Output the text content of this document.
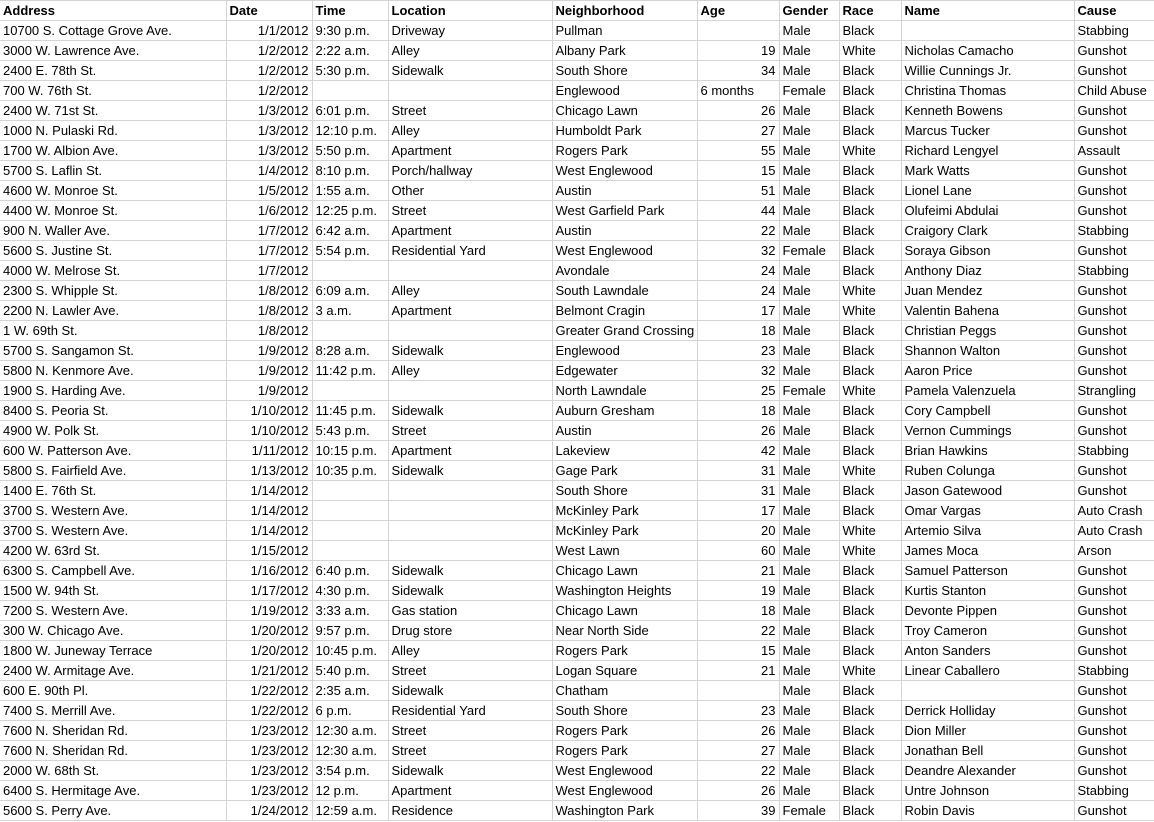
Address	Date	Time	Location	Neighborhood	Age	Gender	Race	Name	Cause
10700 S. Cottage Grove Ave.	1/1/2012	9:30 p.m.	Driveway	Pullman		Male	Black		Stabbing
3000 W. Lawrence Ave.	1/2/2012	2:22 a.m.	Alley	Albany Park	19	Male	White	Nicholas Camacho	Gunshot
2400 E. 78th St.	1/2/2012	5:30 p.m.	Sidewalk	South Shore	34	Male	Black	Willie Cunnings Jr.	Gunshot
700 W. 76th St.	1/2/2012			Englewood	6 months	Female	Black	Christina Thomas	Child Abuse
2400 W. 71st St.	1/3/2012	6:01 p.m.	Street	Chicago Lawn	26	Male	Black	Kenneth Bowens	Gunshot
1000 N. Pulaski Rd.	1/3/2012	12:10 p.m.	Alley	Humboldt Park	27	Male	Black	Marcus Tucker	Gunshot
1700 W. Albion Ave.	1/3/2012	5:50 p.m.	Apartment	Rogers Park	55	Male	White	Richard Lengyel	Assault
5700 S. Laflin St.	1/4/2012	8:10 p.m.	Porch/hallway	West Englewood	15	Male	Black	Mark Watts	Gunshot
4600 W. Monroe St.	1/5/2012	1:55 a.m.	Other	Austin	51	Male	Black	Lionel Lane	Gunshot
4400 W. Monroe St.	1/6/2012	12:25 p.m.	Street	West Garfield Park	44	Male	Black	Olufeimi Abdulai	Gunshot
900 N. Waller Ave.	1/7/2012	6:42 a.m.	Apartment	Austin	22	Male	Black	Craigory Clark	Stabbing
5600 S. Justine St.	1/7/2012	5:54 p.m.	Residential Yard	West Englewood	32	Female	Black	Soraya Gibson	Gunshot
4000 W. Melrose St.	1/7/2012			Avondale	24	Male	Black	Anthony Diaz	Stabbing
2300 S. Whipple St.	1/8/2012	6:09 a.m.	Alley	South Lawndale	24	Male	White	Juan Mendez	Gunshot
2200 N. Lawler Ave.	1/8/2012	3 a.m.	Apartment	Belmont Cragin	17	Male	White	Valentin Bahena	Gunshot
1 W. 69th St.	1/8/2012			Greater Grand Crossing	18	Male	Black	Christian Peggs	Gunshot
5700 S. Sangamon St.	1/9/2012	8:28 a.m.	Sidewalk	Englewood	23	Male	Black	Shannon Walton	Gunshot
5800 N. Kenmore Ave.	1/9/2012	11:42 p.m.	Alley	Edgewater	32	Male	Black	Aaron Price	Gunshot
1900 S. Harding Ave.	1/9/2012			North Lawndale	25	Female	White	Pamela Valenzuela	Strangling
8400 S. Peoria St.	1/10/2012	11:45 p.m.	Sidewalk	Auburn Gresham	18	Male	Black	Cory Campbell	Gunshot
4900 W. Polk St.	1/10/2012	5:43 p.m.	Street	Austin	26	Male	Black	Vernon Cummings	Gunshot
600 W. Patterson Ave.	1/11/2012	10:15 p.m.	Apartment	Lakeview	42	Male	Black	Brian Hawkins	Stabbing
5800 S. Fairfield Ave.	1/13/2012	10:35 p.m.	Sidewalk	Gage Park	31	Male	White	Ruben Colunga	Gunshot
1400 E. 76th St.	1/14/2012			South Shore	31	Male	Black	Jason Gatewood	Gunshot
3700 S. Western Ave.	1/14/2012			McKinley Park	17	Male	Black	Omar Vargas	Auto Crash
3700 S. Western Ave.	1/14/2012			McKinley Park	20	Male	White	Artemio Silva	Auto Crash
4200 W. 63rd St.	1/15/2012			West Lawn	60	Male	White	James Moca	Arson
6300 S. Campbell Ave.	1/16/2012	6:40 p.m.	Sidewalk	Chicago Lawn	21	Male	Black	Samuel Patterson	Gunshot
1500 W. 94th St.	1/17/2012	4:30 p.m.	Sidewalk	Washington Heights	19	Male	Black	Kurtis Stanton	Gunshot
7200 S. Western Ave.	1/19/2012	3:33 a.m.	Gas station	Chicago Lawn	18	Male	Black	Devonte Pippen	Gunshot
300 W. Chicago Ave.	1/20/2012	9:57 p.m.	Drug store	Near North Side	22	Male	Black	Troy Cameron	Gunshot
1800 W. Juneway Terrace	1/20/2012	10:45 p.m.	Alley	Rogers Park	15	Male	Black	Anton Sanders	Gunshot
2400 W. Armitage Ave.	1/21/2012	5:40 p.m.	Street	Logan Square	21	Male	White	Linear Caballero	Stabbing
600 E. 90th Pl.	1/22/2012	2:35 a.m.	Sidewalk	Chatham		Male	Black		Gunshot
7400 S. Merrill Ave.	1/22/2012	6 p.m.	Residential Yard	South Shore	23	Male	Black	Derrick Holliday	Gunshot
7600 N. Sheridan Rd.	1/23/2012	12:30 a.m.	Street	Rogers Park	26	Male	Black	Dion Miller	Gunshot
7600 N. Sheridan Rd.	1/23/2012	12:30 a.m.	Street	Rogers Park	27	Male	Black	Jonathan Bell	Gunshot
2000 W. 68th St.	1/23/2012	3:54 p.m.	Sidewalk	West Englewood	22	Male	Black	Deandre Alexander	Gunshot
6400 S. Hermitage Ave.	1/23/2012	12 p.m.	Apartment	West Englewood	26	Male	Black	Untre Johnson	Stabbing
5600 S. Perry Ave.	1/24/2012	12:59 a.m.	Residence	Washington Park	39	Female	Black	Robin Davis	Gunshot
